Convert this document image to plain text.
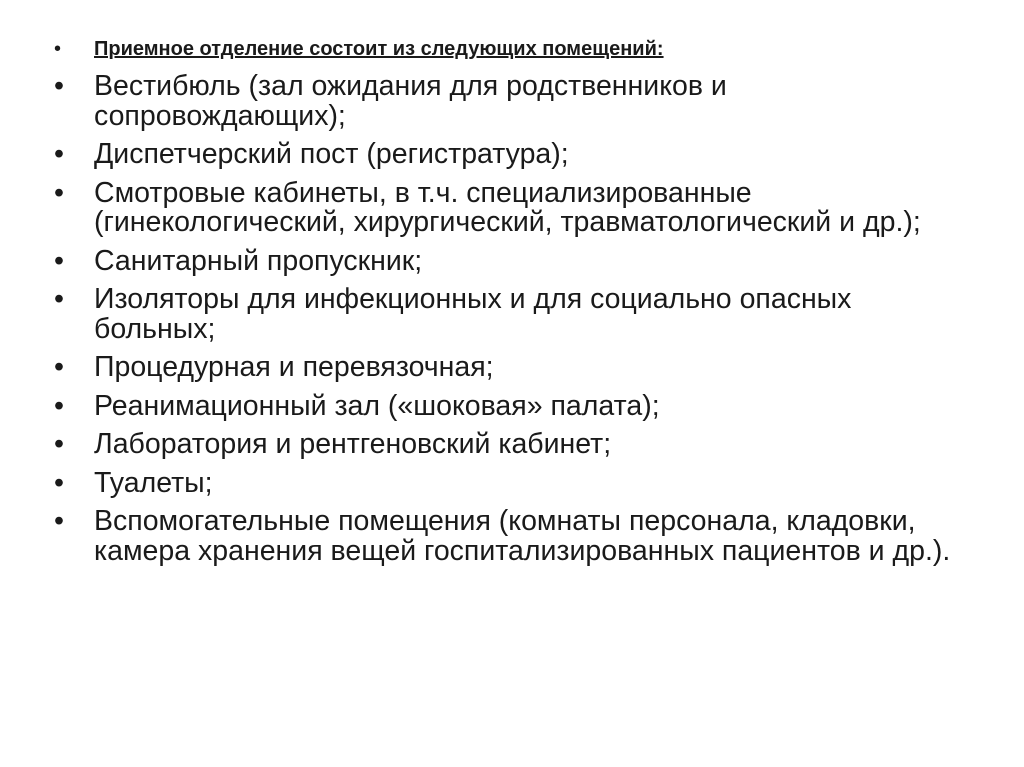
• Приемное отделение состоит из следующих помещений:
• Вестибюль (зал ожидания для родственников и сопровождающих);
• Диспетчерский пост (регистратура);
• Смотровые кабинеты, в т.ч. специализированные (гинекологический, хирургический, травматологический и др.);
• Санитарный пропускник;
• Изоляторы для инфекционных и для социально опасных больных;
• Процедурная и перевязочная;
• Реанимационный зал («шоковая» палата);
• Лаборатория и рентгеновский кабинет;
• Туалеты;
• Вспомогательные помещения (комнаты персонала, кладовки, камера хранения вещей госпитализированных пациентов и др.).
